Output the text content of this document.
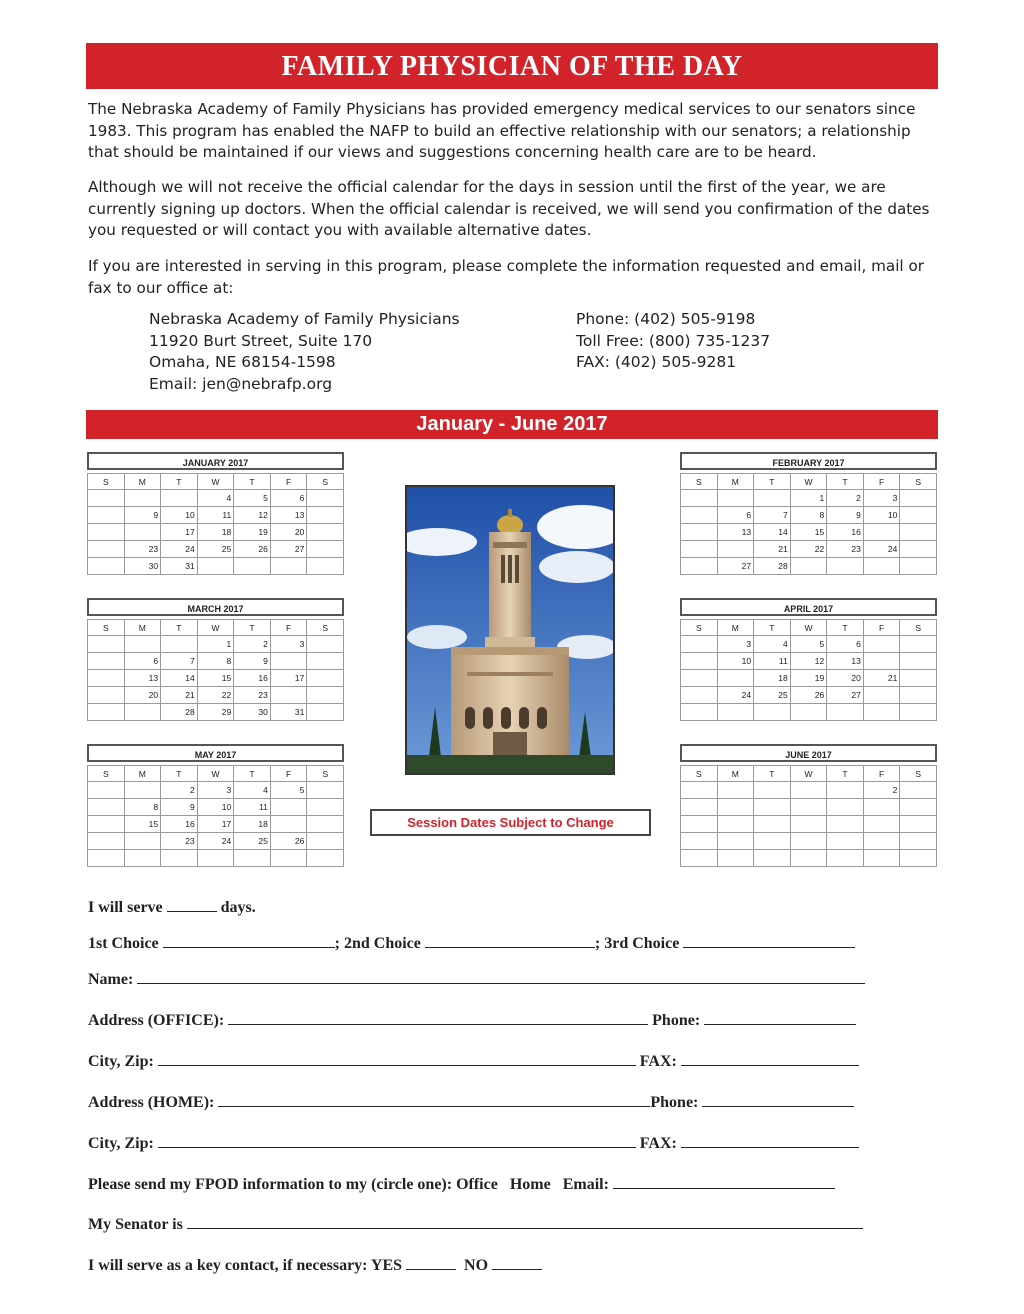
FAMILY PHYSICIAN OF THE DAY

The Nebraska Academy of Family Physicians has provided emergency medical services to our senators since 1983. This program has enabled the NAFP to build an effective relationship with our senators; a relationship that should be maintained if our views and suggestions concerning health care are to be heard.

Although we will not receive the official calendar for the days in session until the first of the year, we are currently signing up doctors. When the official calendar is received, we will send you confirmation of the dates you requested or will contact you with available alternative dates.

If you are interested in serving in this program, please complete the information requested and email, mail or fax to our office at:

Nebraska Academy of Family Physicians
11920 Burt Street, Suite 170
Omaha, NE 68154-1598
Email: jen@nebrafp.org
Phone: (402) 505-9198
Toll Free: (800) 735-1237
FAX: (402) 505-9281
January - June 2017
JANUARY 2017
S	M	T	W	T	F	S
			4	5	6	
	9	10	11	12	13	
		17	18	19	20	
	23	24	25	26	27	
	30	31				
FEBRUARY 2017
S	M	T	W	T	F	S
			1	2	3	
	6	7	8	9	10	
	13	14	15	16		
		21	22	23	24	
	27	28				
MARCH 2017
S	M	T	W	T	F	S
			1	2	3	
	6	7	8	9		
	13	14	15	16	17	
	20	21	22	23		
		28	29	30	31	
APRIL 2017
S	M	T	W	T	F	S
	3	4	5	6		
	10	11	12	13		
		18	19	20	21	
	24	25	26	27		

MAY 2017
S	M	T	W	T	F	S
		2	3	4	5	
	8	9	10	11		
	15	16	17	18		
		23	24	25	26	

JUNE 2017
S	M	T	W	T	F	S
					2	

Session Dates Subject to Change
I will serve	days.
1st Choice	; 2nd Choice	; 3rd Choice
Name:
Address (OFFICE):	Phone:
City, Zip:	FAX:
Address (HOME):	Phone:
City, Zip:	FAX:
Please send my FPOD information to my (circle one): Office   Home   Email:
My Senator is
I will serve as a key contact, if necessary: YES	NO
